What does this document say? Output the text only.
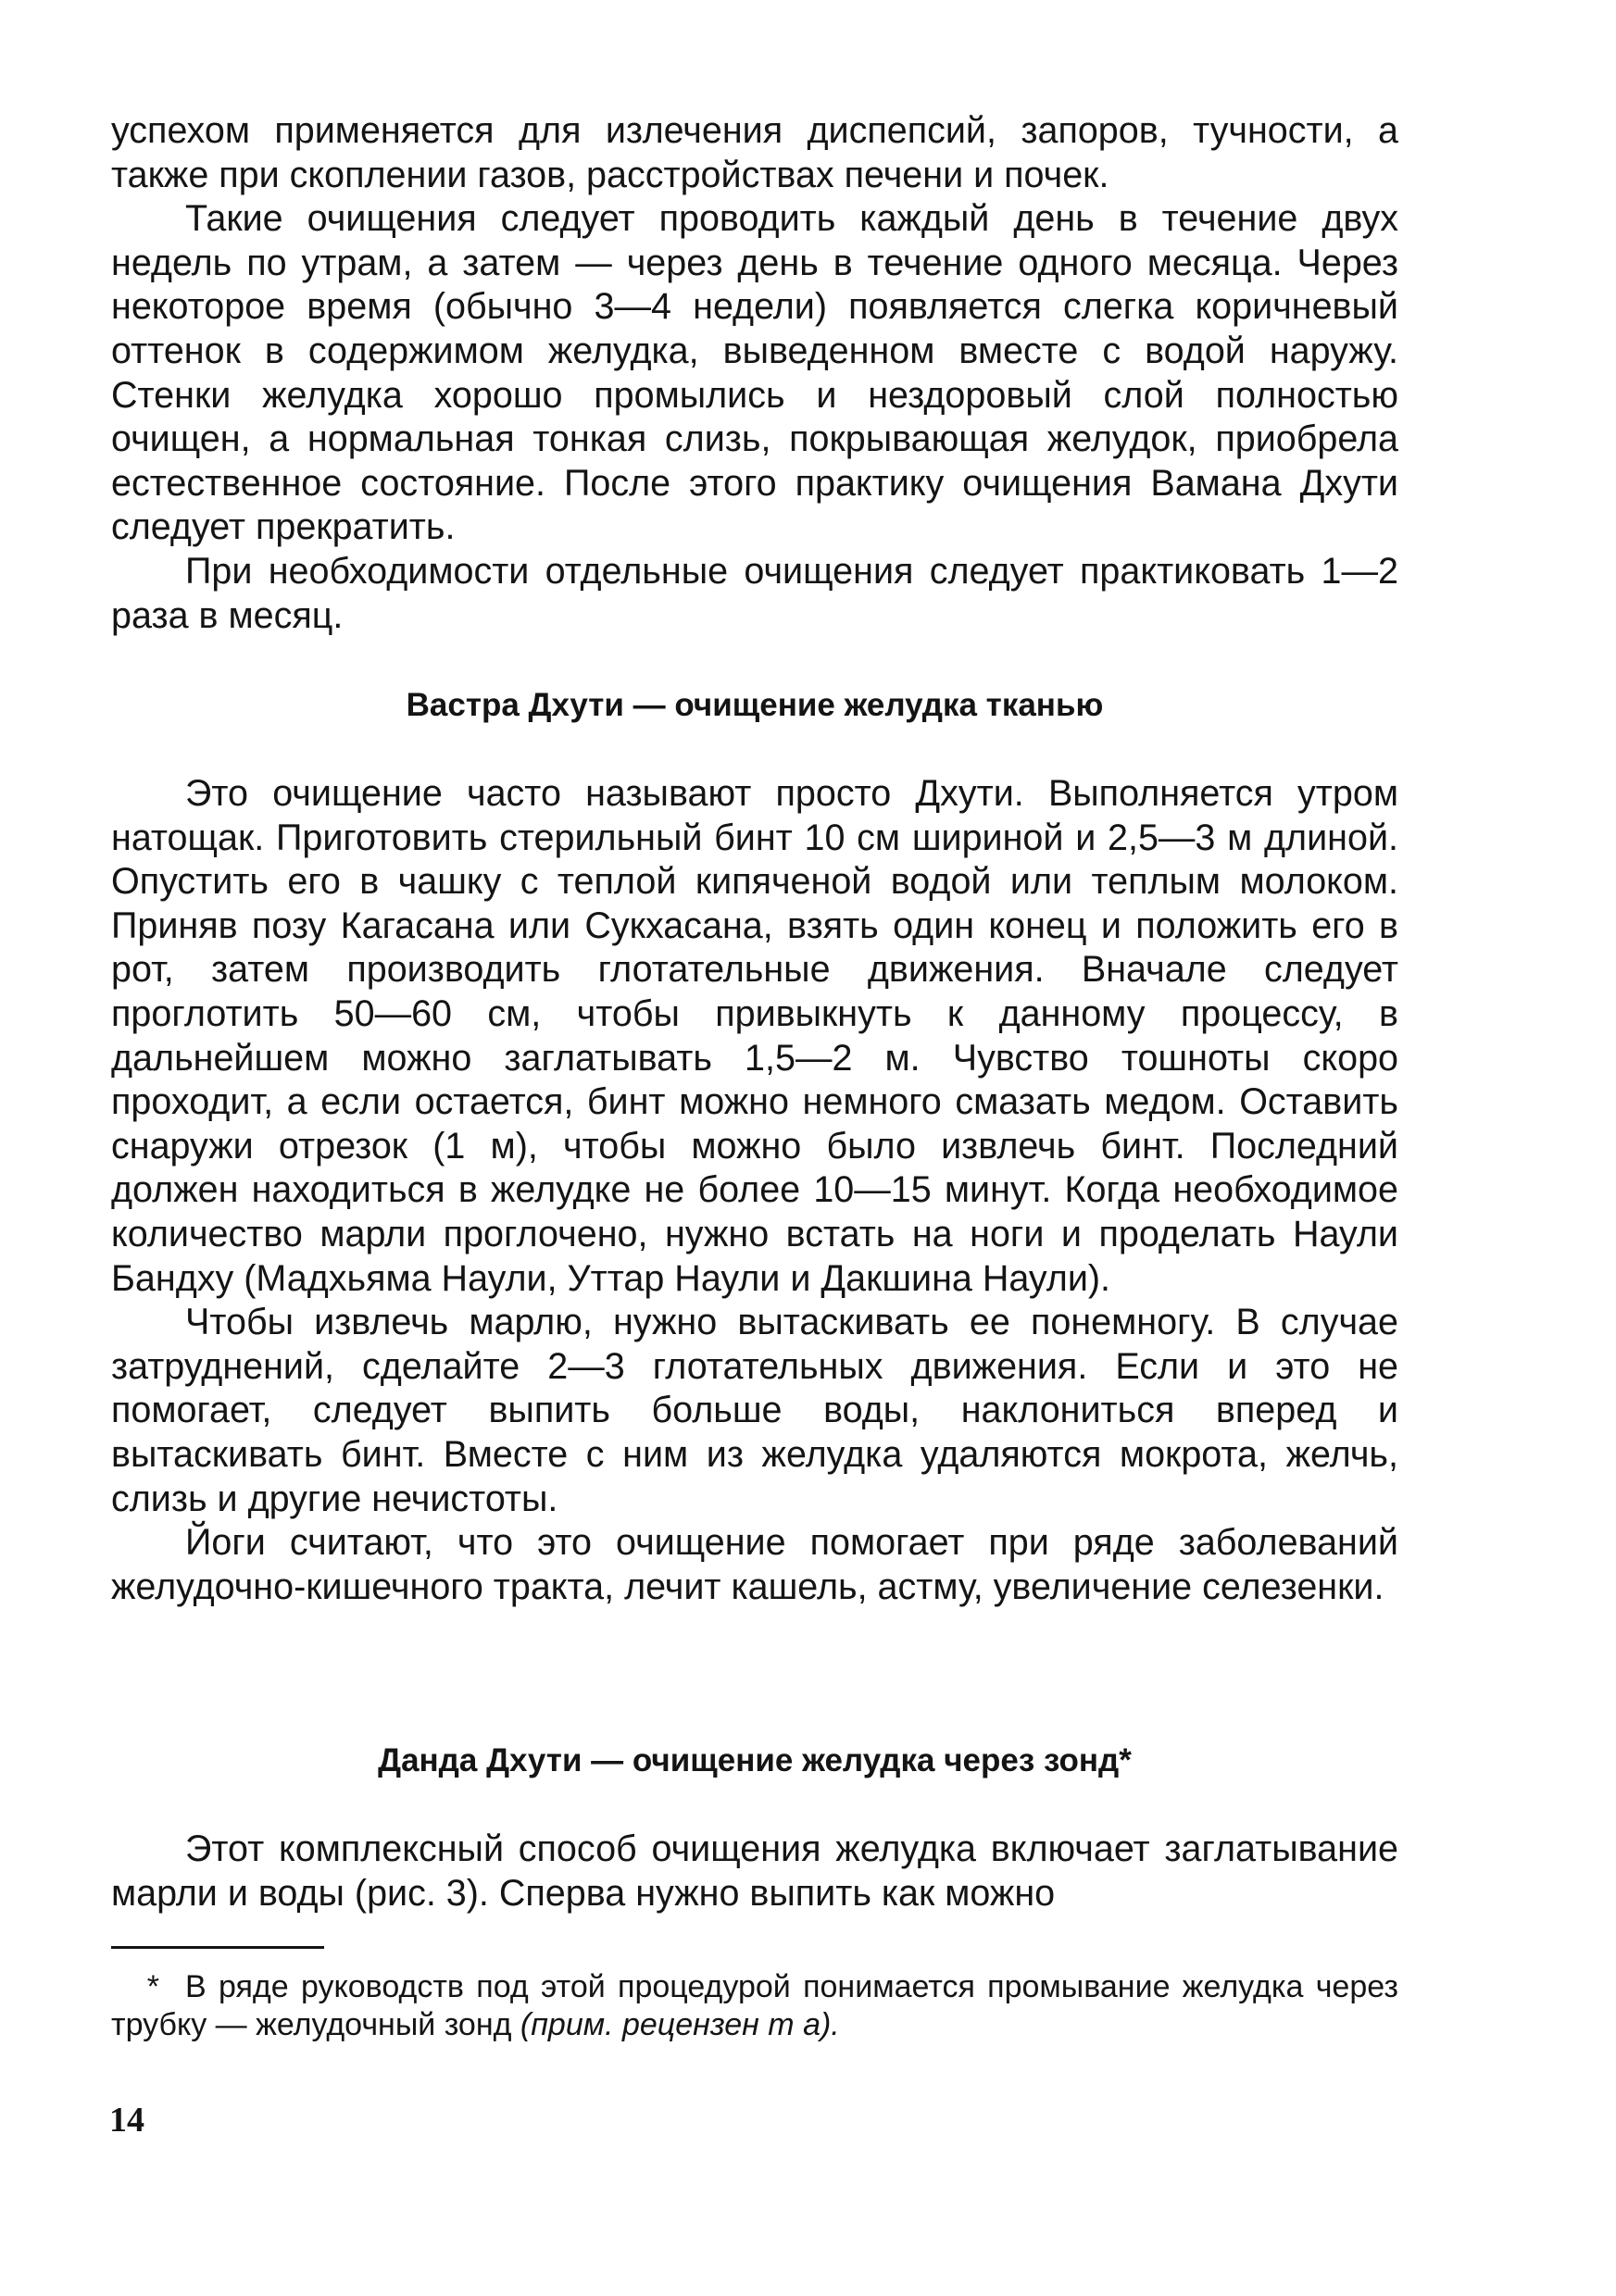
успехом применяется для излечения диспепсий, запоров, тучности, а также при скоплении газов, расстройствах печени и почек.

Такие очищения следует проводить каждый день в течение двух недель по утрам, а затем — через день в течение одного месяца. Через некоторое время (обычно 3—4 недели) появляется слегка коричневый оттенок в содержимом желудка, выведенном вместе с водой наружу. Стенки желудка хорошо промылись и нездоровый слой полностью очищен, а нормальная тонкая слизь, покрывающая желудок, приобрела естественное состояние. После этого практику очищения Вамана Дхути следует прекратить.

При необходимости отдельные очищения следует практиковать 1—2 раза в месяц.

Вастра Дхути — очищение желудка тканью

Это очищение часто называют просто Дхути. Выполняется утром натощак. Приготовить стерильный бинт 10 см шириной и 2,5—3 м длиной. Опустить его в чашку с теплой кипяченой водой или теплым молоком. Приняв позу Кагасана или Сукхасана, взять один конец и положить его в рот, затем производить глотательные движения. Вначале следует проглотить 50—60 см, чтобы привыкнуть к данному процессу, в дальнейшем можно заглатывать 1,5—2 м. Чувство тошноты скоро проходит, а если остается, бинт можно немного смазать медом. Оставить снаружи отрезок (1 м), чтобы можно было извлечь бинт. Последний должен находиться в желудке не более 10—15 минут. Когда необходимое количество марли проглочено, нужно встать на ноги и проделать Наули Бандху (Мадхьяма Наули, Уттар Наули и Дакшина Наули).

Чтобы извлечь марлю, нужно вытаскивать ее понемногу. В случае затруднений, сделайте 2—3 глотательных движения. Если и это не помогает, следует выпить больше воды, наклониться вперед и вытаскивать бинт. Вместе с ним из желудка удаляются мокрота, желчь, слизь и другие нечистоты.

Йоги считают, что это очищение помогает при ряде заболеваний желудочно-кишечного тракта, лечит кашель, астму, увеличение селезенки.

Данда Дхути — очищение желудка через зонд*

Этот комплексный способ очищения желудка включает заглатывание марли и воды (рис. 3). Сперва нужно выпить как можно

* В ряде руководств под этой процедурой понимается промывание желудка через трубку — желудочный зонд (прим. рецензен т а).

14
